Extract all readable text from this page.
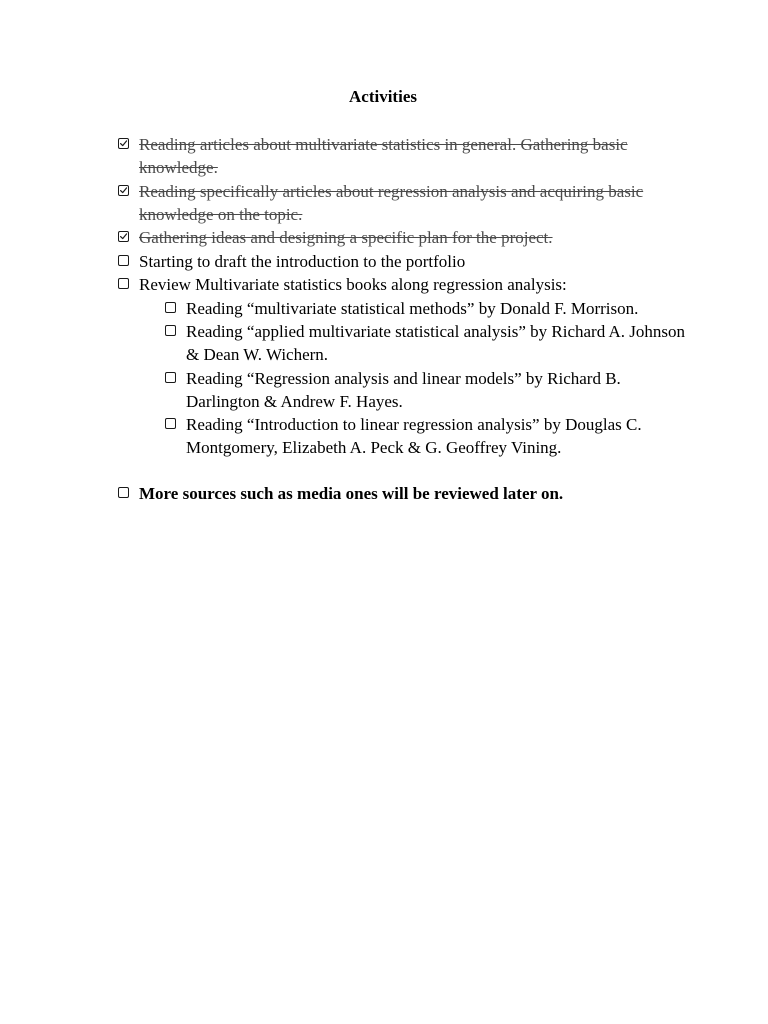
Activities
Reading articles about multivariate statistics in general. Gathering basic knowledge.
Reading specifically articles about regression analysis and acquiring basic knowledge on the topic.
Gathering ideas and designing a specific plan for the project.
Starting to draft the introduction to the portfolio
Review Multivariate statistics books along regression analysis:
Reading “multivariate statistical methods” by Donald F. Morrison.
Reading “applied multivariate statistical analysis” by Richard A. Johnson & Dean W. Wichern.
Reading “Regression analysis and linear models” by Richard B. Darlington & Andrew F. Hayes.
Reading “Introduction to linear regression analysis” by Douglas C. Montgomery, Elizabeth A. Peck & G. Geoffrey Vining.
More sources such as media ones will be reviewed later on.
